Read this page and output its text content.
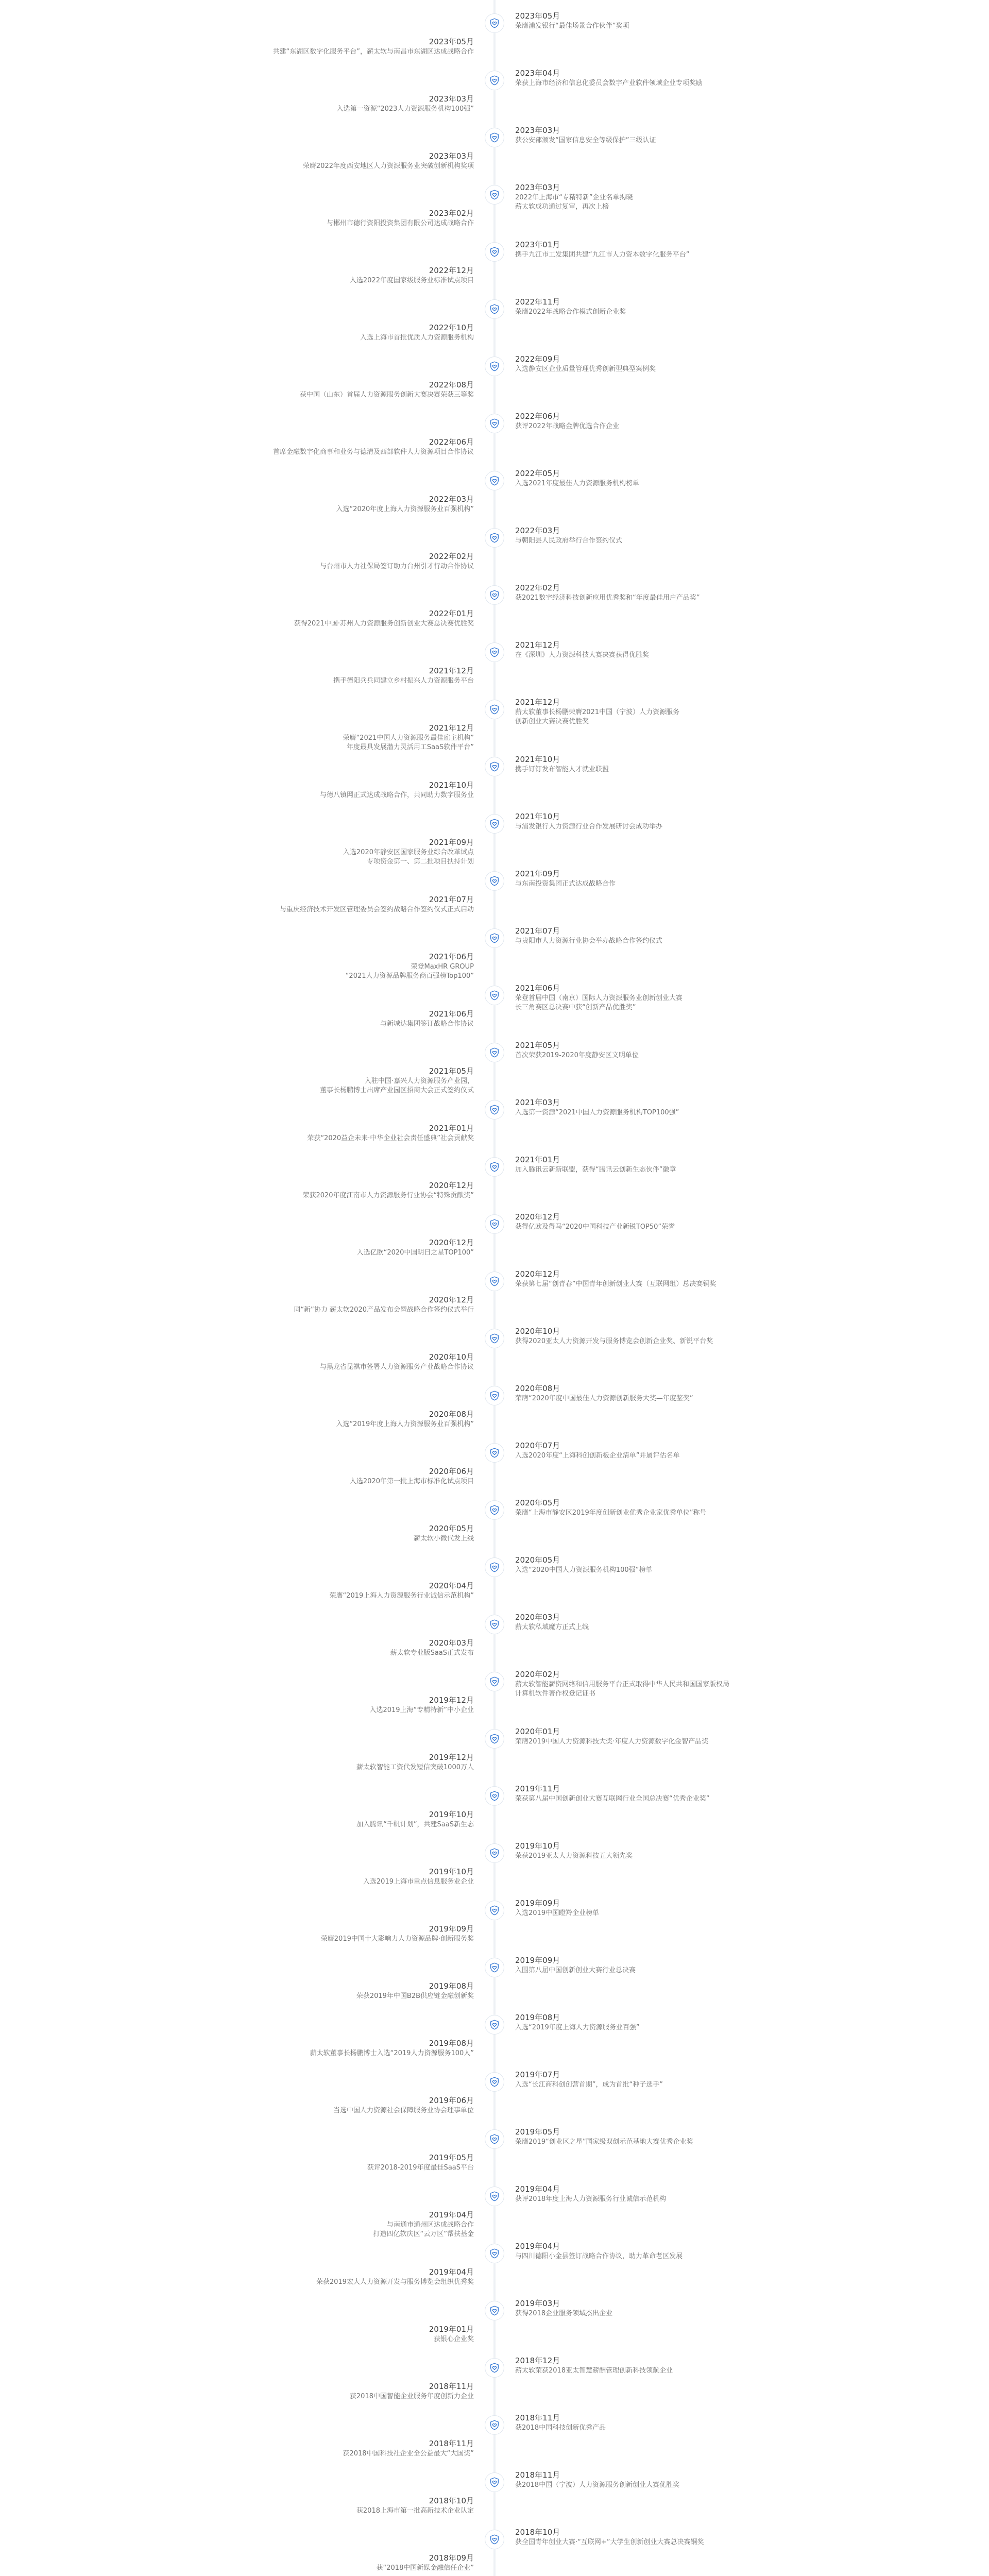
2023年05月
共建“东湖区数字化服务平台”，薪太软与南昌市东湖区达成战略合作
2023年03月
入选第一资源“2023人力资源服务机构100强”
2023年03月
荣膺2022年度西安地区人力资源服务业突破创新机构奖项
2023年02月
与郴州市德行资阳投资集团有限公司达成战略合作
2022年12月
入选2022年度国家级服务业标准试点项目
2022年10月
入选上海市首批优质人力资源服务机构
2022年08月
获中国（山东）首届人力资源服务创新大赛决赛荣获三等奖
2022年06月
首席金融数字化商事和业务与德清及西部软件人力资源项目合作协议
2022年03月
入选“2020年度上海人力资源服务业百强机构”
2022年02月
与台州市人力社保局签订助力台州引才行动合作协议
2022年01月
获得2021中国·苏州人力资源服务创新创业大赛总决赛优胜奖
2021年12月
携手德阳兵兵同建立乡村振兴人力资源服务平台
2021年12月
荣膺“2021中国人力资源服务最佳雇主机构”
年度最具发展潜力灵活用工SaaS软件平台”
2021年10月
与德八镇网正式达成战略合作，共同助力数字服务业
2021年09月
入选2020年静安区国家服务业综合改革试点
专项资金第一、第二批项目扶持计划
2021年07月
与重庆经济技术开发区管理委员会签约战略合作签约仪式正式启动
2021年06月
荣登MaxHR GROUP
“2021人力资源品牌服务商百强榜Top100”
2021年06月
与新城达集团签订战略合作协议
2021年05月
入驻中国·嘉兴人力资源服务产业园，
董事长杨鹏博士出席产业园区招商大会正式签约仪式
2021年01月
荣获“2020益企未来·中华企业社会责任盛典”社会贡献奖
2020年12月
荣获2020年度江南市人力资源服务行业协会“特殊贡献奖”
2020年12月
入选亿欧“2020中国明日之星TOP100”
2020年12月
同“新”协力 薪太软2020产品发布会暨战略合作签约仪式举行
2020年10月
与黑龙省昆祺市签署人力资源服务产业战略合作协议
2020年08月
入选“2019年度上海人力资源服务业百强机构”
2020年06月
入选2020年第一批上海市标准化试点项目
2020年05月
薪太软小微代发上线
2020年04月
荣膺“2019上海人力资源服务行业诚信示范机构”
2020年03月
薪太软专业版SaaS正式发布
2019年12月
入选2019上海“专精特新”中小企业
2019年12月
薪太软智能工资代发短信突破1000万人
2019年10月
加入腾讯“千帆计划”，共建SaaS新生态
2019年10月
入选2019上海市重点信息服务业企业
2019年09月
荣膺2019中国十大影响力人力资源品牌·创新服务奖
2019年08月
荣获2019年中国B2B供应链金融创新奖
2019年08月
薪太软董事长杨鹏博士入选“2019人力资源服务100人”
2019年06月
当选中国人力资源社会保障服务业协会理事单位
2019年05月
获评2018-2019年度最佳SaaS平台
2019年04月
与南通市通州区达成战略合作
打造四亿软庆区“云万区”帮扶基金
2019年04月
荣获2019宏大人力资源开发与服务博览会组织优秀奖
2019年01月
获银心企业奖
2018年11月
获2018中国智能企业服务年度创新力企业
2018年11月
获2018中国科技社企业全公益最大“大国奖”
2018年10月
获2018上海市第一批高新技术企业认定
2018年09月
获“2018中国新媒金融信任企业”
2023年05月
荣膺浦发银行“最佳场景合作伙伴”奖项
2023年04月
荣获上海市经济和信息化委员会数字产业软件领域企业专项奖励
2023年03月
获公安部颁发“国家信息安全等级保护”三级认证
2023年03月
2022年上海市“专精特新”企业名单揭晓
薪太软成功通过复审，再次上榜
2023年01月
携手九江市工发集团共建“九江市人力资本数字化服务平台”
2022年11月
荣膺2022年战略合作模式创新企业奖
2022年09月
入选静安区企业质量管理优秀创新型典型案例奖
2022年06月
获评2022年战略金牌优选合作企业
2022年05月
入选2021年度最佳人力资源服务机构榜单
2022年03月
与朝阳县人民政府举行合作签约仪式
2022年02月
获2021数字经济科技创新应用优秀奖和“年度最佳用户产品奖”
2021年12月
在《深圳》人力资源科技大赛决赛获得优胜奖
2021年12月
薪太软董事长杨鹏荣膺2021中国（宁波）人力资源服务
创新创业大赛决赛优胜奖
2021年10月
携手钉钉发布智能人才就业联盟
2021年10月
与浦发银行人力资源行业合作发展研讨会成功举办
2021年09月
与东南投资集团正式达成战略合作
2021年07月
与贵阳市人力资源行业协会举办战略合作签约仪式
2021年06月
荣登首届中国（南京）国际人力资源服务业创新创业大赛
长三角赛区总决赛中获“创新产品优胜奖”
2021年05月
首次荣获2019-2020年度静安区文明单位
2021年03月
入选第一资源“2021中国人力资源服务机构TOP100强”
2021年01月
加入腾讯云新新联盟，获得“腾讯云创新生态伙伴”徽章
2020年12月
获得亿欧及得马“2020中国科技产业新锐TOP50”荣誉
2020年12月
荣获第七届“创青春”中国青年创新创业大赛（互联网组）总决赛铜奖
2020年10月
获得2020亚太人力资源开发与服务博览会创新企业奖、新锐平台奖
2020年08月
荣膺“2020年度中国最佳人力资源创新服务大奖—年度鉴奖”
2020年07月
入选2020年度“上海科创创新板企业清单”并属评估名单
2020年05月
荣膺“上海市静安区2019年度创新创业优秀企业家优秀单位”称号
2020年05月
入选“2020中国人力资源服务机构100强”榜单
2020年03月
薪太软私域魔方正式上线
2020年02月
薪太软智能薪资网络和信用服务平台正式取得中华人民共和国国家版权局
计算机软件著作权登记证书
2020年01月
荣膺2019中国人力资源科技大奖·年度人力资源数字化金智产品奖
2019年11月
荣获第八届中国创新创业大赛互联网行业全国总决赛“优秀企业奖”
2019年10月
荣获2019亚太人力资源科技五大领先奖
2019年09月
入选2019中国瞪羚企业榜单
2019年09月
入围第八届中国创新创业大赛行业总决赛
2019年08月
入选“2019年度上海人力资源服务业百强”
2019年07月
入选“长江商科创创营首期”，成为首批“种子选手”
2019年05月
荣膺2019“创业区之星”国家级双创示范基地大赛优秀企业奖
2019年04月
获评2018年度上海人力资源服务行业诚信示范机构
2019年04月
与四川德阳小金县签订战略合作协议，助力革命老区发展
2019年03月
获得2018企业服务领域杰出企业
2018年12月
薪太软荣获2018亚太智慧薪酬管理创新科技领航企业
2018年11月
获2018中国科技创新优秀产品
2018年11月
获2018中国（宁波）人力资源服务创新创业大赛优胜奖
2018年10月
获全国青年创业大赛·“互联网+”大学生创新创业大赛总决赛铜奖
